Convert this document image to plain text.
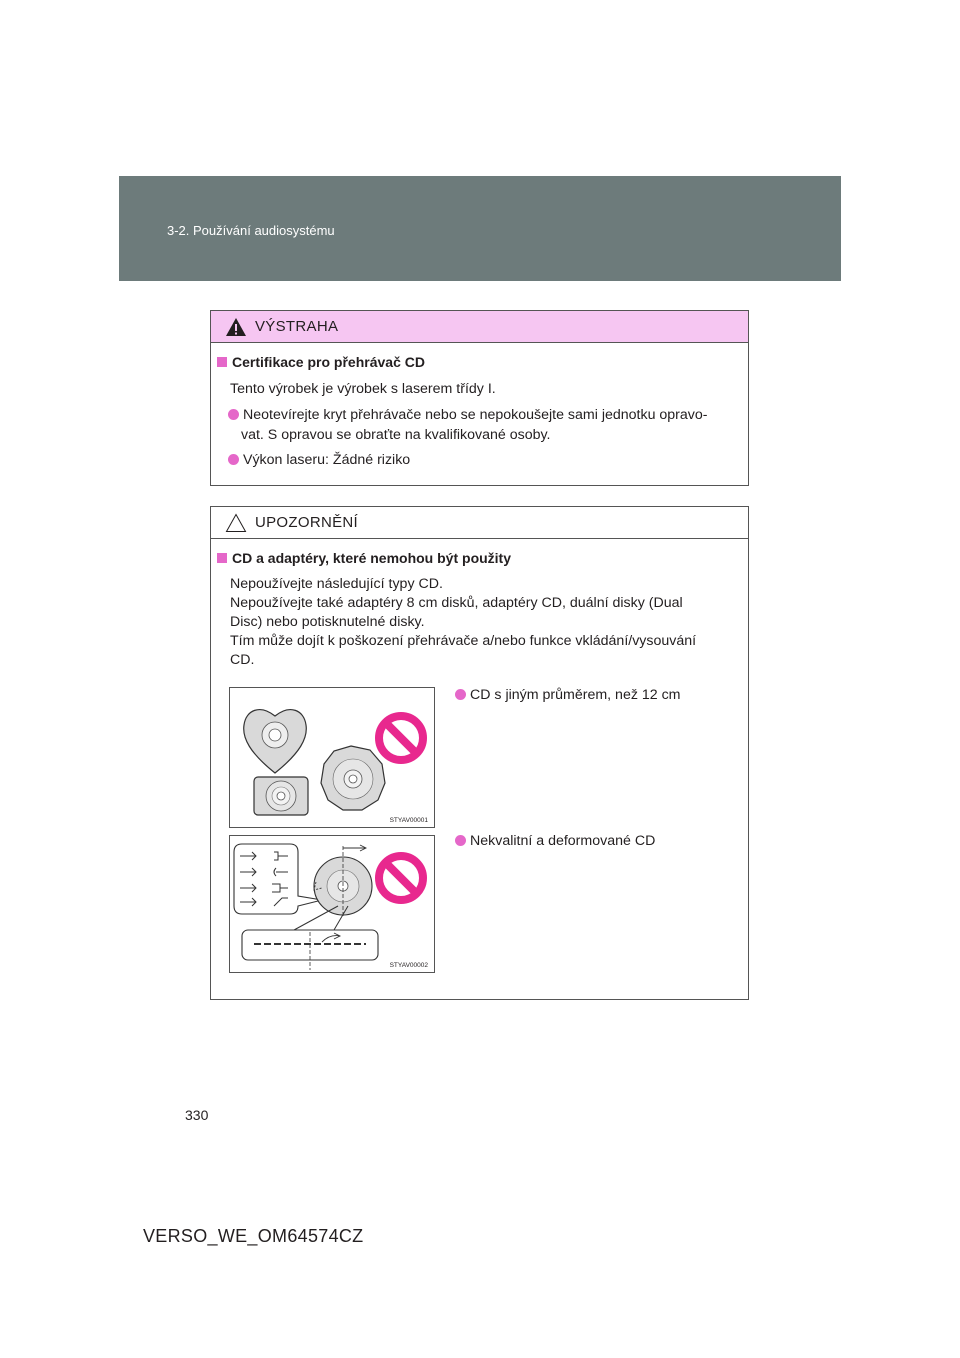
3-2. Používání audiosystému
VÝSTRAHA
Certifikace pro přehrávač CD
Tento výrobek je výrobek s laserem třídy I.
Neotevírejte kryt přehrávače nebo se nepokoušejte sami jednotku opravo-
vat. S opravou se obraťte na kvalifikované osoby.
Výkon laseru: Žádné riziko
UPOZORNĚNÍ
CD a adaptéry, které nemohou být použity
Nepoužívejte následující typy CD.
Nepoužívejte také adaptéry 8 cm disků, adaptéry CD, duální disky (Dual
Disc) nebo potisknutelné disky.
Tím může dojít k poškození přehrávače a/nebo funkce vkládání/vysouvání
CD.
STYAV00001
CD s jiným průměrem, než 12 cm
STYAV00002
Nekvalitní a deformované CD
330
VERSO_WE_OM64574CZ
